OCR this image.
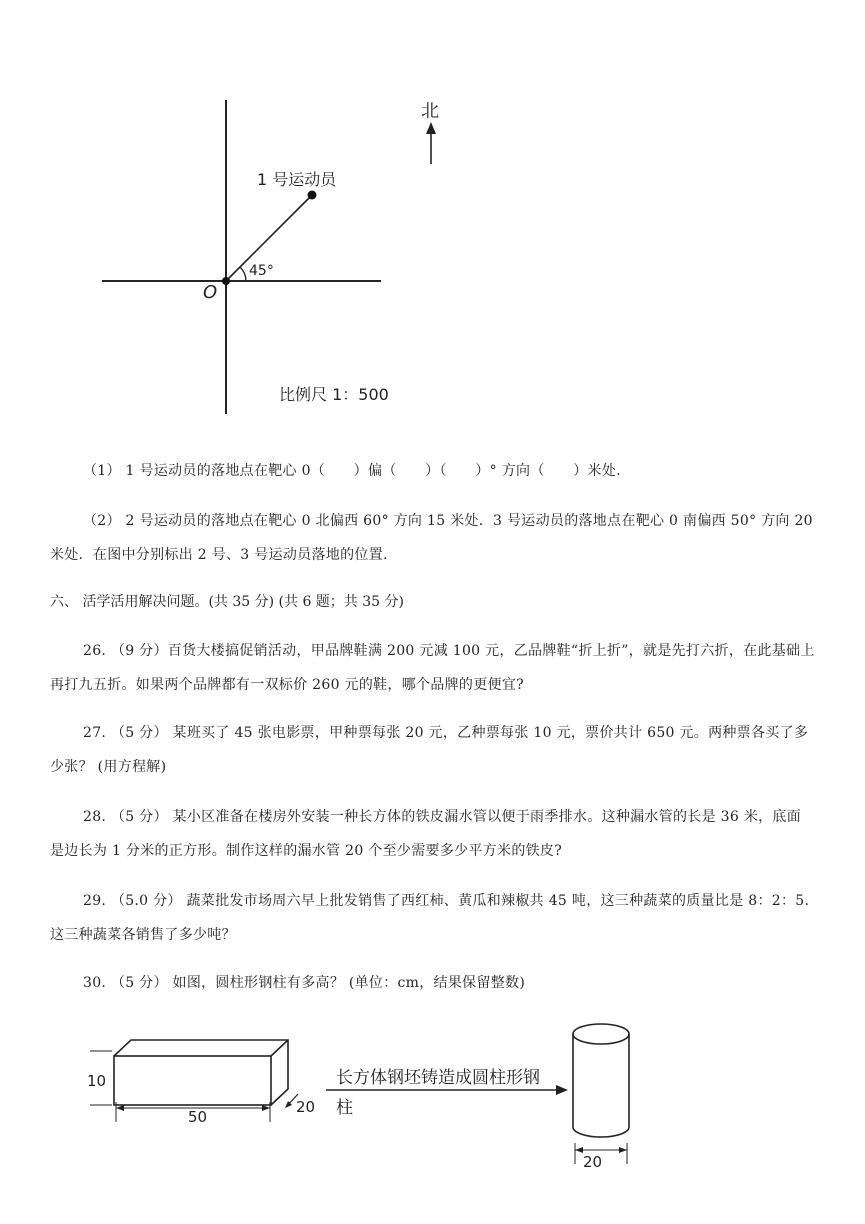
北
1 号运动员
45°
O
比例尺 1：500

（1） 1 号运动员的落地点在靶心 0（　　）偏（　　）（　　）° 方向（　　）米处.

（2） 2 号运动员的落地点在靶心 0 北偏西 60° 方向 15 米处．3 号运动员的落地点在靶心 0 南偏西 50° 方向 20 米处．在图中分别标出 2 号、3 号运动员落地的位置.

六、 活学活用解决问题。(共 35 分) (共 6 题；共 35 分)

26. （9 分）百货大楼搞促销活动，甲品牌鞋满 200 元减 100 元，乙品牌鞋“折上折”，就是先打六折，在此基础上再打九五折。如果两个品牌都有一双标价 260 元的鞋，哪个品牌的更便宜?

27. （5 分） 某班买了 45 张电影票，甲种票每张 20 元，乙种票每张 10 元，票价共计 650 元。两种票各买了多少张？ (用方程解)

28. （5 分） 某小区准备在楼房外安装一种长方体的铁皮漏水管以便于雨季排水。这种漏水管的长是 36 米，底面是边长为 1 分米的正方形。制作这样的漏水管 20 个至少需要多少平方米的铁皮?

29. （5.0 分） 蔬菜批发市场周六早上批发销售了西红柿、黄瓜和辣椒共 45 吨，这三种蔬菜的质量比是 8：2：5.这三种蔬菜各销售了多少吨？

30. （5 分） 如图，圆柱形钢柱有多高？ (单位：cm，结果保留整数)

10
50
20
长方体钢坯铸造成圆柱形钢
柱
20
